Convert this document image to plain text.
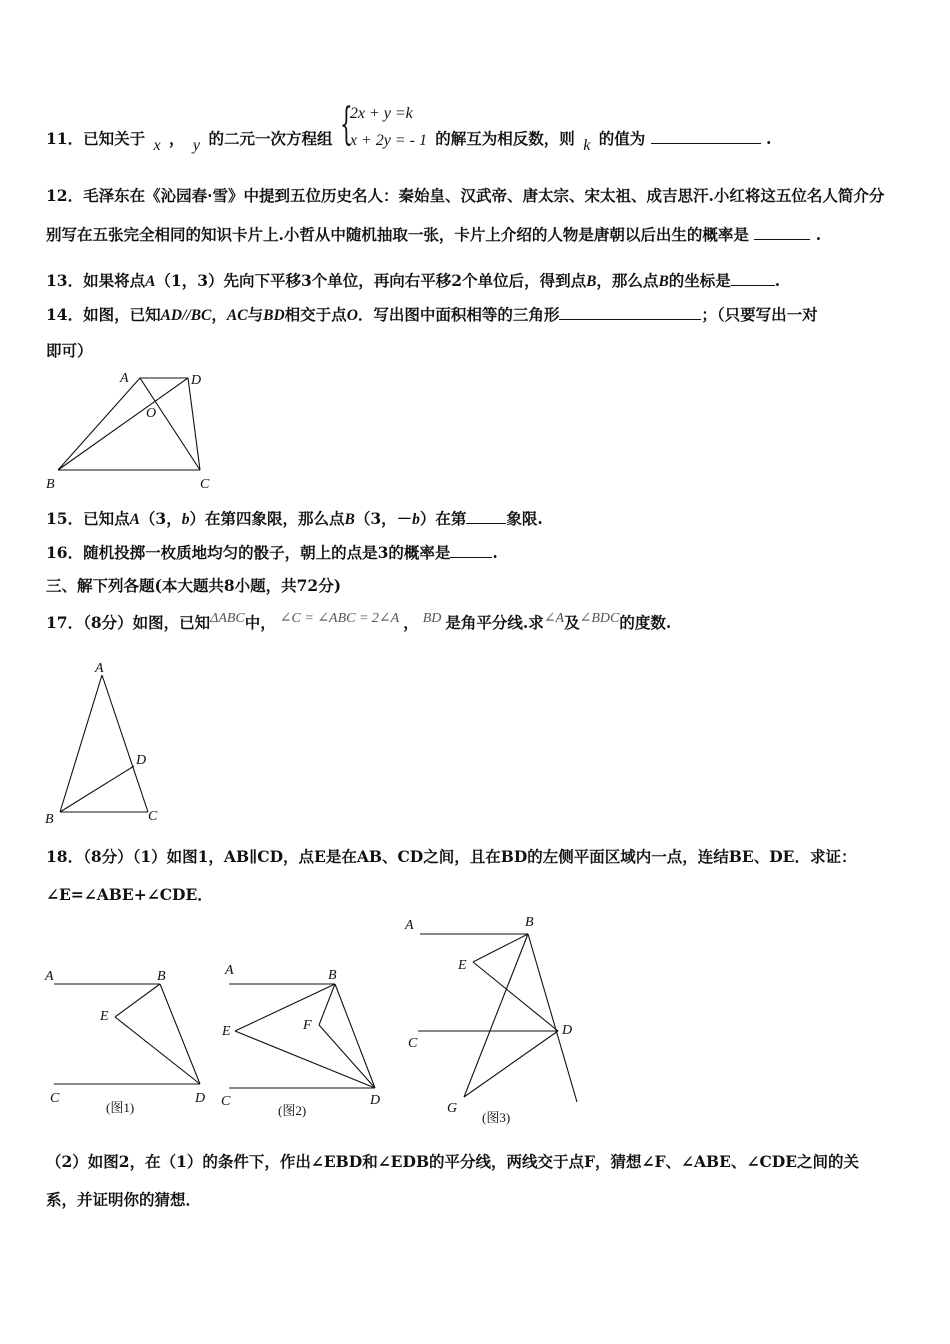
11．已知关于 x ， y 的二元一次方程组 {
2x + y =k
x + 2y = - 1 的解互为相反数，则 k 的值为	.
12．毛泽东在《沁园春·雪》中提到五位历史名人：秦始皇、汉武帝、唐太宗、宋太祖、成吉思汗.小红将这五位名人简介分
别写在五张完全相同的知识卡片上.小哲从中随机抽取一张，卡片上介绍的人物是唐朝以后出生的概率是	.
13．如果将点A（1，3）先向下平移3个单位，再向右平移2个单位后，得到点B，那么点B的坐标是	.
14．如图，已知AD//BC，AC与BD相交于点O．写出图中面积相等的三角形	；（只要写出一对
即可）
A	D
O
B	C
15．已知点A（3，b）在第四象限，那么点B（3，－b）在第	象限.
16．随机投掷一枚质地均匀的骰子，朝上的点是3的概率是	.
三、解下列各题(本大题共8小题，共72分)
17．（8分）如图，已知ΔABC中， ∠C = ∠ABC = 2∠A ， BD 是角平分线.求∠A及∠BDC的度数.
A
D
B	C
18．（8分）（1）如图1，AB∥CD，点E是在AB、CD之间，且在BD的左侧平面区域内一点，连结BE、DE．求证：
∠E=∠ABE+∠CDE．
A	B
E
C	D
(图1)
A	B
F
E
C	D
(图2)
A	B
E
C
D
G
(图3)
（2）如图2，在（1）的条件下，作出∠EBD和∠EDB的平分线，两线交于点F，猜想∠F、∠ABE、∠CDE之间的关
系，并证明你的猜想．
